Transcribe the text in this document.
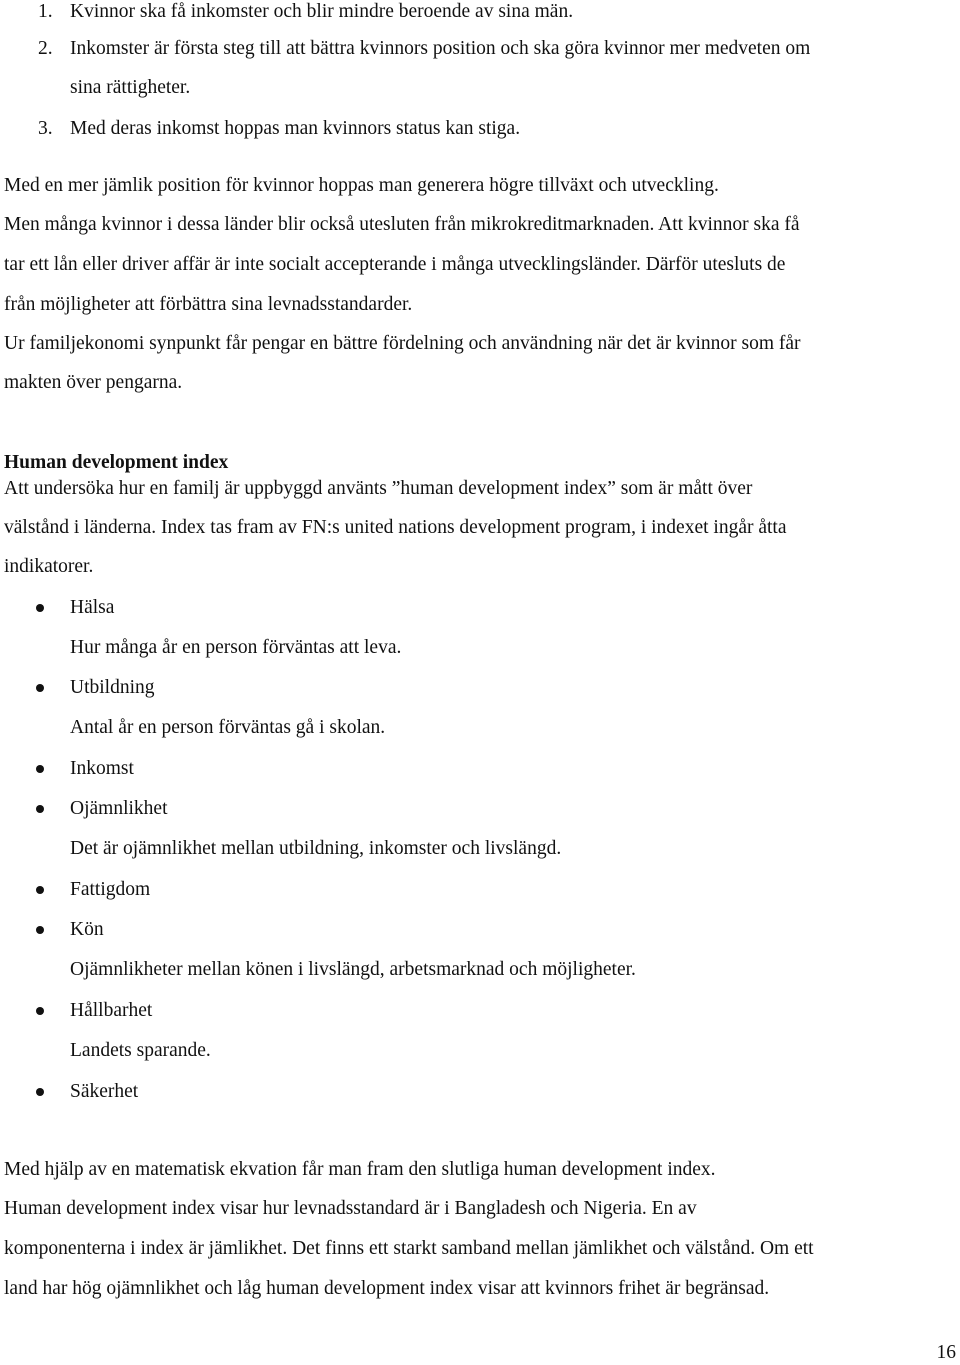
1. Kvinnor ska få inkomster och blir mindre beroende av sina män.
2. Inkomster är första steg till att bättra kvinnors position och ska göra kvinnor mer medveten om
sina rättigheter.
3. Med deras inkomst hoppas man kvinnors status kan stiga.
Med en mer jämlik position för kvinnor hoppas man generera högre tillväxt och utveckling.
Men många kvinnor i dessa länder blir också utesluten från mikrokreditmarknaden. Att kvinnor ska få
tar ett lån eller driver affär är inte socialt accepterande i många utvecklingsländer. Därför utesluts de
från möjligheter att förbättra sina levnadsstandarder.
Ur familjekonomi synpunkt får pengar en bättre fördelning och användning när det är kvinnor som får
makten över pengarna.
Human development index
Att undersöka hur en familj är uppbyggd använts ”human development index” som är mått över
välstånd i länderna. Index tas fram av FN:s united nations development program, i indexet ingår åtta
indikatorer.
Hälsa
Hur många år en person förväntas att leva.
Utbildning
Antal år en person förväntas gå i skolan.
Inkomst
Ojämnlikhet
Det är ojämnlikhet mellan utbildning, inkomster och livslängd.
Fattigdom
Kön
Ojämnlikheter mellan könen i livslängd, arbetsmarknad och möjligheter.
Hållbarhet
Landets sparande.
Säkerhet
Med hjälp av en matematisk ekvation får man fram den slutliga human development index.
Human development index visar hur levnadsstandard är i Bangladesh och Nigeria. En av
komponenterna i index är jämlikhet. Det finns ett starkt samband mellan jämlikhet och välstånd. Om ett
land har hög ojämnlikhet och låg human development index visar att kvinnors frihet är begränsad.
16
